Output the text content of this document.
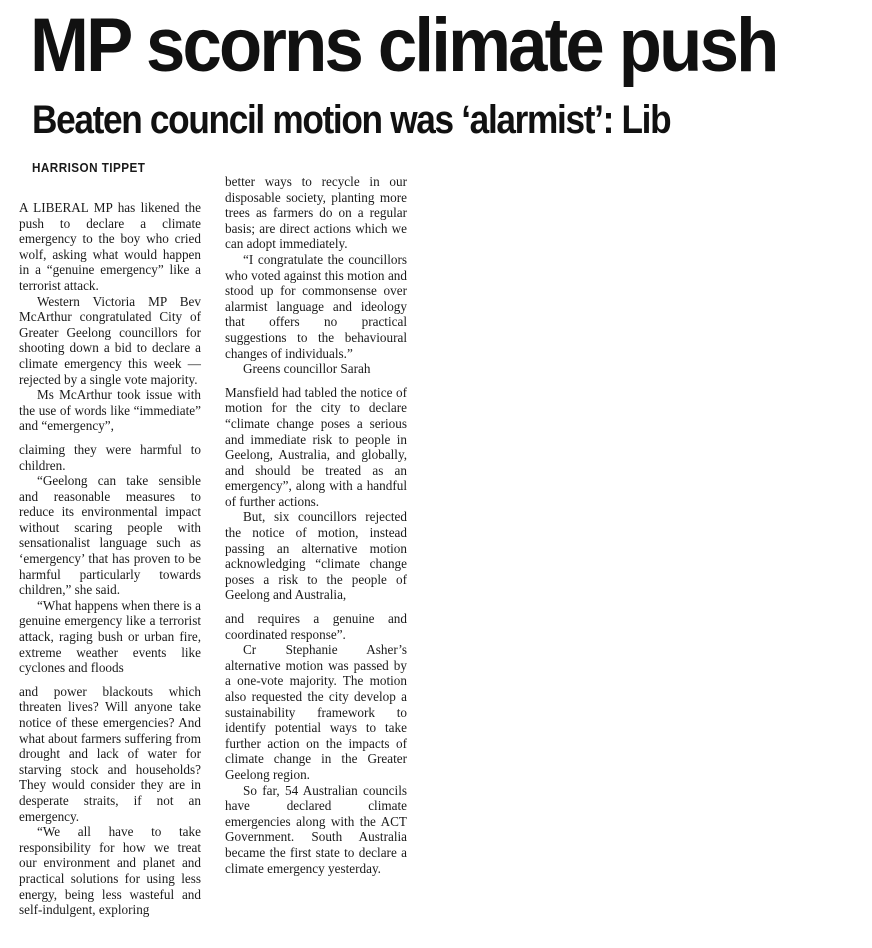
MP scorns climate push
Beaten council motion was ‘alarmist’: Lib
HARRISON TIPPET

A LIBERAL MP has likened the push to declare a climate emergency to the boy who cried wolf, asking what would happen in a “genuine emergency” like a terrorist attack.

Western Victoria MP Bev McArthur congratulated City of Greater Geelong councillors for shooting down a bid to declare a climate emergency this week — rejected by a single vote majority.

Ms McArthur took issue with the use of words like “immediate” and “emergency”,

claiming they were harmful to children.

“Geelong can take sensible and reasonable measures to reduce its environmental impact without scaring people with sensationalist language such as ‘emergency’ that has proven to be harmful particularly towards children,” she said.

“What happens when there is a genuine emergency like a terrorist attack, raging bush or urban fire, extreme weather events like cyclones and floods

and power blackouts which threaten lives? Will anyone take notice of these emergencies? And what about farmers suffering from drought and lack of water for starving stock and households? They would consider they are in desperate straits, if not an emergency.

“We all have to take responsibility for how we treat our environment and planet and practical solutions for using less energy, being less wasteful and self-indulgent, exploring

better ways to recycle in our disposable society, planting more trees as farmers do on a regular basis; are direct actions which we can adopt immediately.

“I congratulate the councillors who voted against this motion and stood up for commonsense over alarmist language and ideology that offers no practical suggestions to the behavioural changes of individuals.”

Greens councillor Sarah

Mansfield had tabled the notice of motion for the city to declare “climate change poses a serious and immediate risk to people in Geelong, Australia, and globally, and should be treated as an emergency”, along with a handful of further actions.

But, six councillors rejected the notice of motion, instead passing an alternative motion acknowledging “climate change poses a risk to the people of Geelong and Australia,

and requires a genuine and coordinated response”.

Cr Stephanie Asher’s alternative motion was passed by a one-vote majority. The motion also requested the city develop a sustainability framework to identify potential ways to take further action on the impacts of climate change in the Greater Geelong region.

So far, 54 Australian councils have declared climate emergencies along with the ACT Government. South Australia became the first state to declare a climate emergency yesterday.
